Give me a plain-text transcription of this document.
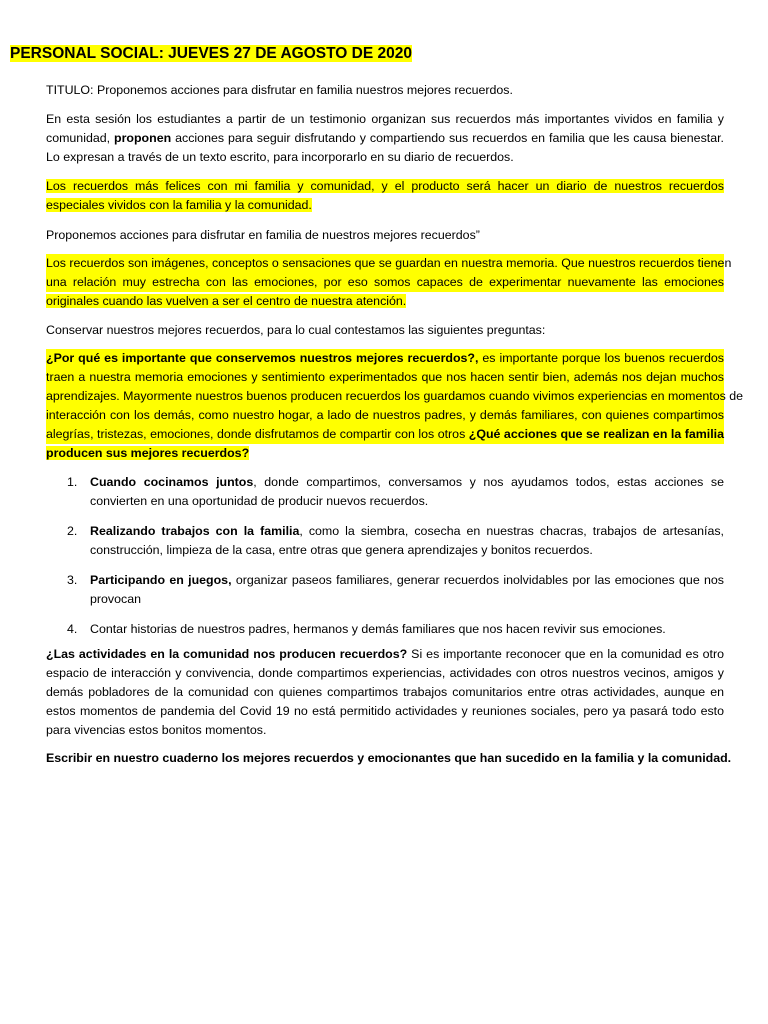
PERSONAL SOCIAL: JUEVES 27 DE AGOSTO DE 2020

TITULO: Proponemos acciones para disfrutar en familia nuestros mejores recuerdos.

En esta sesión los estudiantes a partir de un testimonio organizan sus recuerdos más importantes vividos en familia y
comunidad, proponen acciones para seguir disfrutando y compartiendo sus recuerdos en familia que les causa bienestar.
Lo expresan a través de un texto escrito, para incorporarlo en su diario de recuerdos.

Los recuerdos más felices con mi familia y comunidad, y el producto será hacer un diario de nuestros recuerdos
especiales vividos con la familia y la comunidad.

Proponemos acciones para disfrutar en familia de nuestros mejores recuerdos”

Los recuerdos son imágenes, conceptos o sensaciones que se guardan en nuestra memoria. Que nuestros recuerdos tienen
una relación muy estrecha con las emociones, por eso somos capaces de experimentar nuevamente las emociones
originales cuando las vuelven a ser el centro de nuestra atención.

Conservar nuestros mejores recuerdos, para lo cual contestamos las siguientes preguntas:

¿Por qué es importante que conservemos nuestros mejores recuerdos?, es importante porque los buenos recuerdos
traen a nuestra memoria emociones y sentimiento experimentados que nos hacen sentir bien, además nos dejan muchos
aprendizajes. Mayormente nuestros buenos producen recuerdos los guardamos cuando vivimos experiencias en momentos de
interacción con los demás, como nuestro hogar, a lado de nuestros padres, y demás familiares, con quienes compartimos
alegrías, tristezas, emociones, donde disfrutamos de compartir con los otros ¿Qué acciones que se realizan en la familia
producen sus mejores recuerdos?

1. Cuando cocinamos juntos, donde compartimos, conversamos y nos ayudamos todos, estas acciones se
convierten en una oportunidad de producir nuevos recuerdos.
2. Realizando trabajos con la familia, como la siembra, cosecha en nuestras chacras, trabajos de artesanías,
construcción, limpieza de la casa, entre otras que genera aprendizajes y bonitos recuerdos.
3. Participando en juegos, organizar paseos familiares, generar recuerdos inolvidables por las emociones que nos
provocan
4. Contar historias de nuestros padres, hermanos y demás familiares que nos hacen revivir sus emociones.

¿Las actividades en la comunidad nos producen recuerdos? Si es importante reconocer que en la comunidad es otro
espacio de interacción y convivencia, donde compartimos experiencias, actividades con otros nuestros vecinos, amigos y
demás pobladores de la comunidad con quienes compartimos trabajos comunitarios entre otras actividades, aunque en
estos momentos de pandemia del Covid 19 no está permitido actividades y reuniones sociales, pero ya pasará todo esto
para vivencias estos bonitos momentos.

Escribir en nuestro cuaderno los mejores recuerdos y emocionantes que han sucedido en la familia y la comunidad.
